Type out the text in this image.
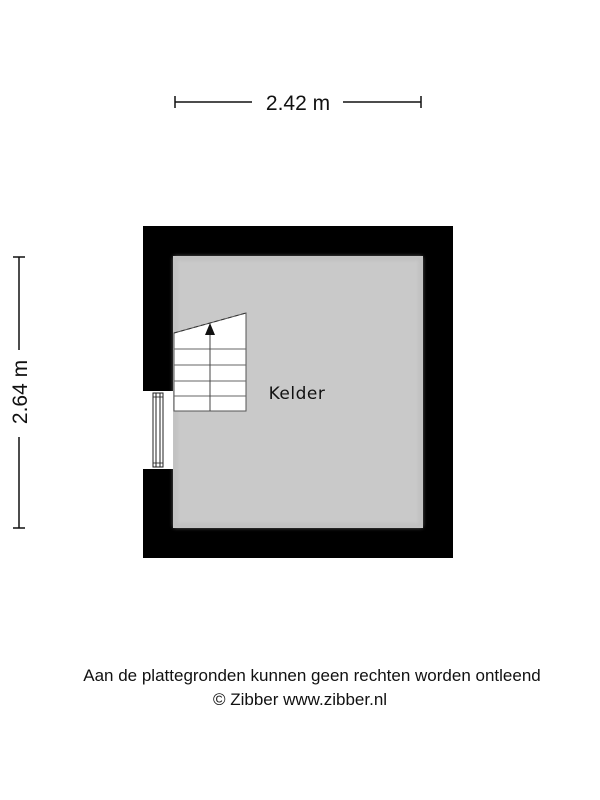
2.42 m
2.64 m	Kelder
Aan de plattegronden kunnen geen rechten worden ontleend
© Zibber www.zibber.nl
